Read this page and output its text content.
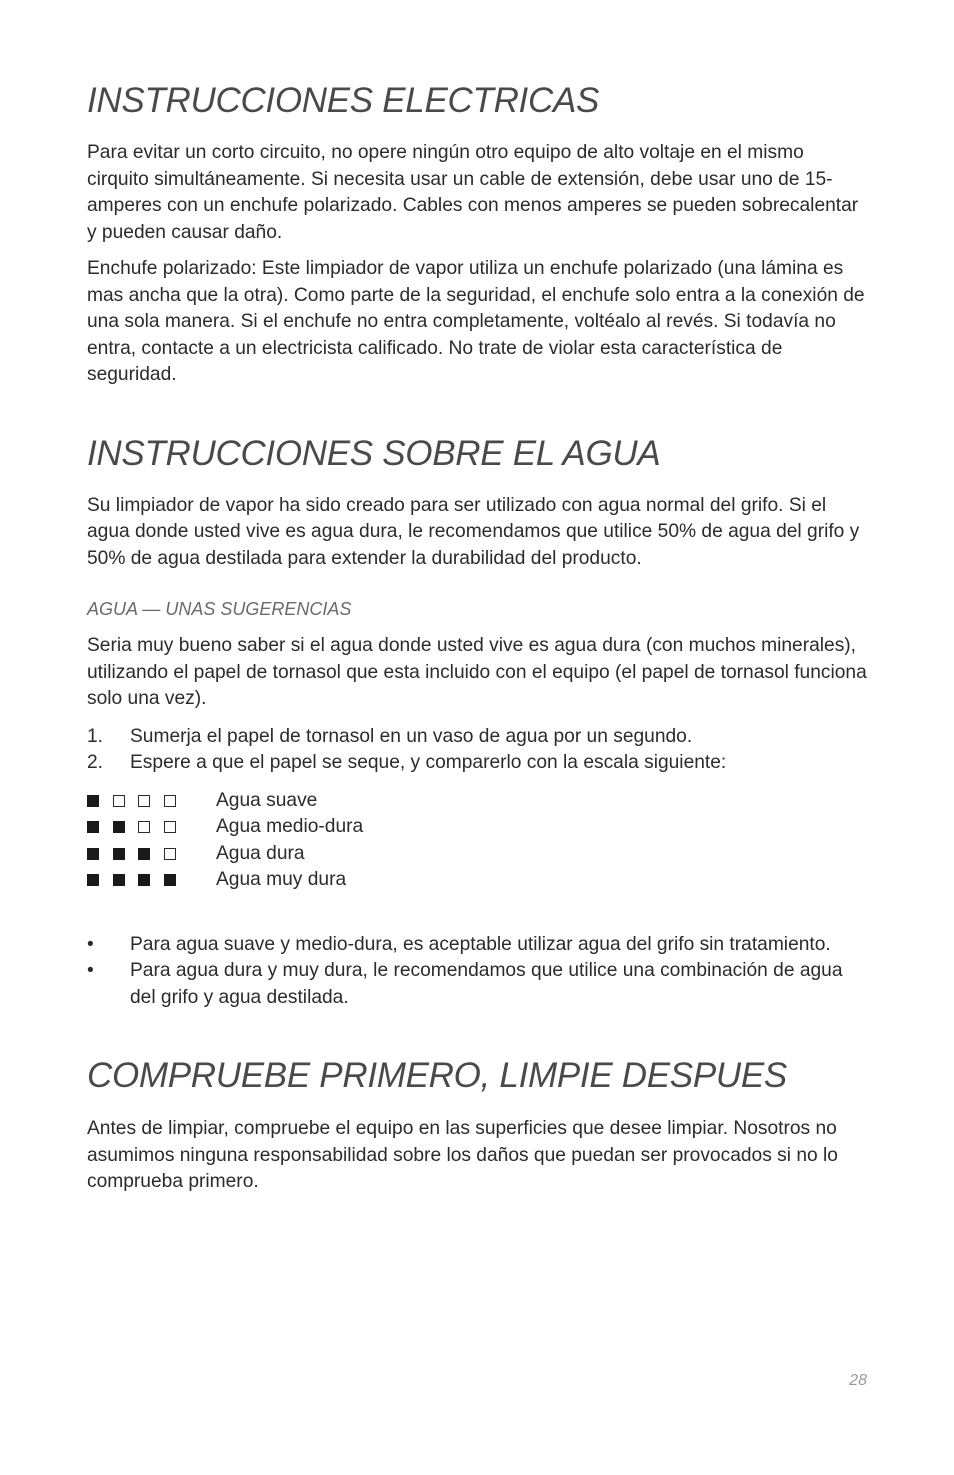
INSTRUCCIONES ELECTRICAS

Para evitar un corto circuito, no opere ningún otro equipo de alto voltaje en el mismo cirquito simultáneamente. Si necesita usar un cable de extensión, debe usar uno de 15-amperes con un enchufe polarizado. Cables con menos amperes se pueden sobrecalentar y pueden causar daño.

Enchufe polarizado: Este limpiador de vapor utiliza un enchufe polarizado (una lámina es mas ancha que la otra). Como parte de la seguridad, el enchufe solo entra a la conexión de una sola manera. Si el enchufe no entra completamente, voltéalo al revés. Si todavía no entra, contacte a un electricista calificado. No trate de violar esta característica de seguridad.

INSTRUCCIONES SOBRE EL AGUA

Su limpiador de vapor ha sido creado para ser utilizado con agua normal del grifo. Si el agua donde usted vive es agua dura, le recomendamos que utilice 50% de agua del grifo y 50% de agua destilada para extender la durabilidad del producto.

AGUA — UNAS SUGERENCIAS

Seria muy bueno saber si el agua donde usted vive es agua dura (con muchos minerales), utilizando el papel de tornasol que esta incluido con el equipo (el papel de tornasol funciona solo una vez).

1. Sumerja el papel de tornasol en un vaso de agua por un segundo.
2. Espere a que el papel se seque, y comparerlo con la escala siguiente:
Agua suave
Agua medio-dura
Agua dura
Agua muy dura
• Para agua suave y medio-dura, es aceptable utilizar agua del grifo sin tratamiento.
• Para agua dura y muy dura, le recomendamos que utilice una combinación de agua del grifo y agua destilada.
COMPRUEBE PRIMERO, LIMPIE DESPUES

Antes de limpiar, compruebe el equipo en las superficies que desee limpiar. Nosotros no asumimos ninguna responsabilidad sobre los daños que puedan ser provocados si no lo comprueba primero.

28
